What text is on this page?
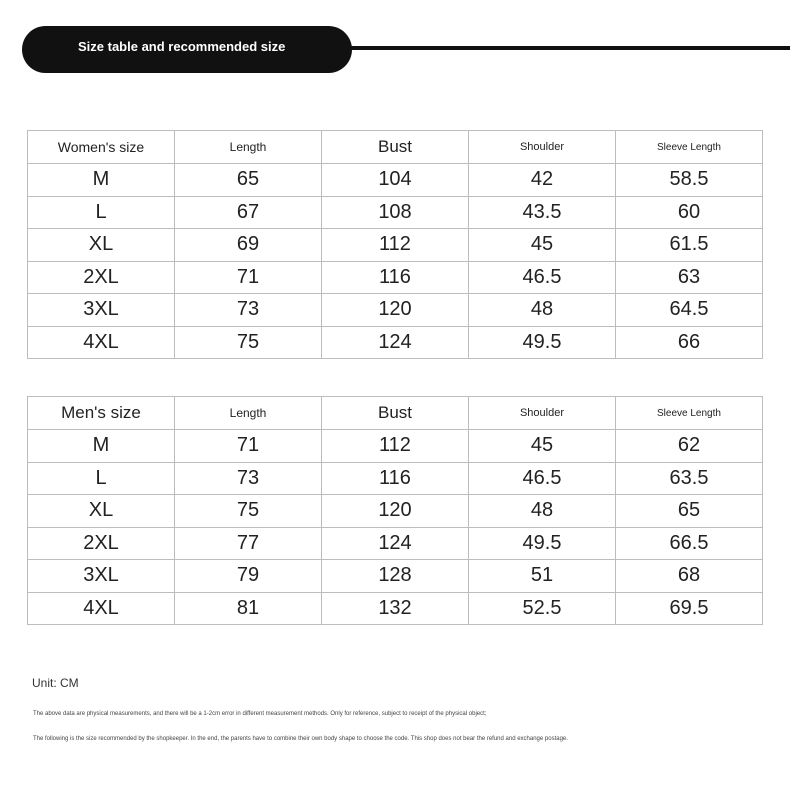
Size table and recommended size
Women's size	Length	Bust	Shoulder	Sleeve Length
M	65	104	42	58.5
L	67	108	43.5	60
XL	69	112	45	61.5
2XL	71	116	46.5	63
3XL	73	120	48	64.5
4XL	75	124	49.5	66
Men's size	Length	Bust	Shoulder	Sleeve Length
M	71	112	45	62
L	73	116	46.5	63.5
XL	75	120	48	65
2XL	77	124	49.5	66.5
3XL	79	128	51	68
4XL	81	132	52.5	69.5
Unit: CM
The above data are physical measurements, and there will be a 1-2cm error in different measurement methods. Only for reference, subject to receipt of the physical object;
The following is the size recommended by the shopkeeper. In the end, the parents have to combine their own body shape to choose the code. This shop does not bear the refund and exchange postage.
